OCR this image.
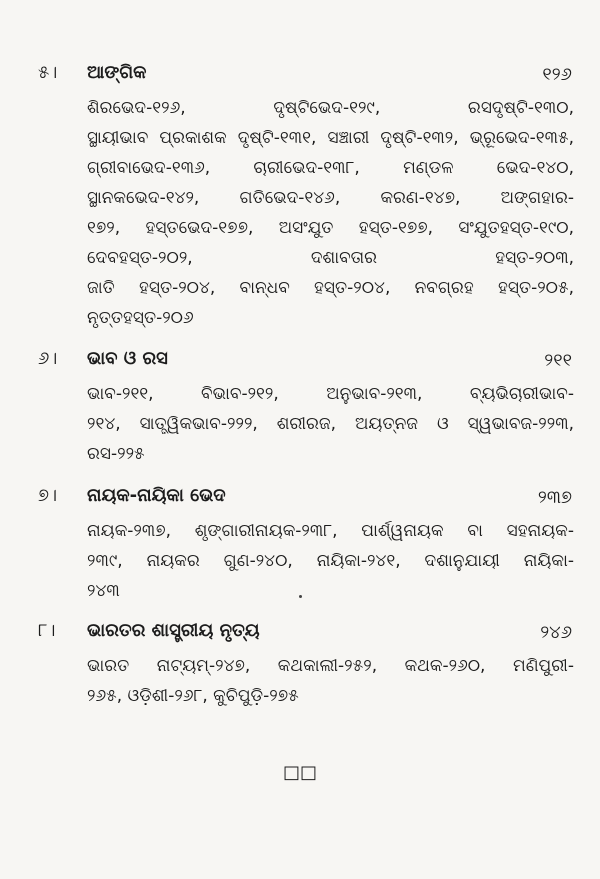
୫। ଆଙ୍ଗିକ	୧୨୬
ଶିରଭେଦ-୧୨୬, ଦୃଷ୍ଟିଭେଦ-୧୨୯, ରସଦୃଷ୍ଟି-୧୩୦,
ସ୍ଥାୟୀଭାବ ପ୍ରକାଶକ ଦୃଷ୍ଟି-୧୩୧, ସଞ୍ଚାରୀ ଦୃଷ୍ଟି-୧୩୨, ଭ୍ରୂଭେଦ-୧୩୫,
ଗ୍ରୀବାଭେଦ-୧୩୬, ଚାରୀଭେଦ-୧୩୮, ମଣ୍ଡଳ ଭେଦ-୧୪୦,
ସ୍ଥାନକଭେଦ-୧୪୨, ଗତିଭେଦ-୧୪୬, କରଣ-୧୪୭, ଅଙ୍ଗହାର-
୧୭୨, ହସ୍ତଭେଦ-୧୭୭, ଅସଂଯୁତ ହସ୍ତ-୧୭୭, ସଂଯୁତହସ୍ତ-୧୯୦,
ଦେବହସ୍ତ-୨୦୨, ଦଶାବତାର ହସ୍ତ-୨୦୩,
ଜାତି ହସ୍ତ-୨୦୪, ବାନ୍ଧବ ହସ୍ତ-୨୦୪, ନବଗ୍ରହ ହସ୍ତ-୨୦୫,
ନୃତ୍ତହସ୍ତ-୨୦୬
୬। ଭାବ ଓ ରସ	୨୧୧
ଭାବ-୨୧୧, ବିଭାବ-୨୧୨, ଅନୁଭାବ-୨୧୩, ବ୍ୟଭିଚାରୀଭାବ-
୨୧୪, ସାତ୍ତ୍ୱିକଭାବ-୨୨୨, ଶରୀରଜ, ଅୟତ୍ନଜ ଓ ସ୍ୱଭାବଜ-୨୨୩,
ରସ-୨୨୫
୭। ନାୟକ-ନାୟିକା ଭେଦ	୨୩୭
ନାୟକ-୨୩୭, ଶୃଙ୍ଗାରୀନାୟକ-୨୩୮, ପାର୍ଶ୍ୱନାୟକ ବା ସହନାୟକ-
୨୩୯, ନାୟକର ଗୁଣ-୨୪୦, ନାୟିକା-୨୪୧, ଦଶାନୁଯାୟୀ ନାୟିକା-
୨୪୩
୮। ଭାରତର ଶାସ୍ତ୍ରୀୟ ନୃତ୍ୟ	୨୪୬
ଭାରତ ନାଟ୍ୟମ୍-୨୪୭, କଥକାଲୀ-୨୫୨, କଥକ-୨୬୦, ମଣିପୁରୀ-
୨୬୫, ଓଡ଼ିଶୀ-୨୬୮, କୁଚିପୁଡ଼ି-୨୭୫
□□
